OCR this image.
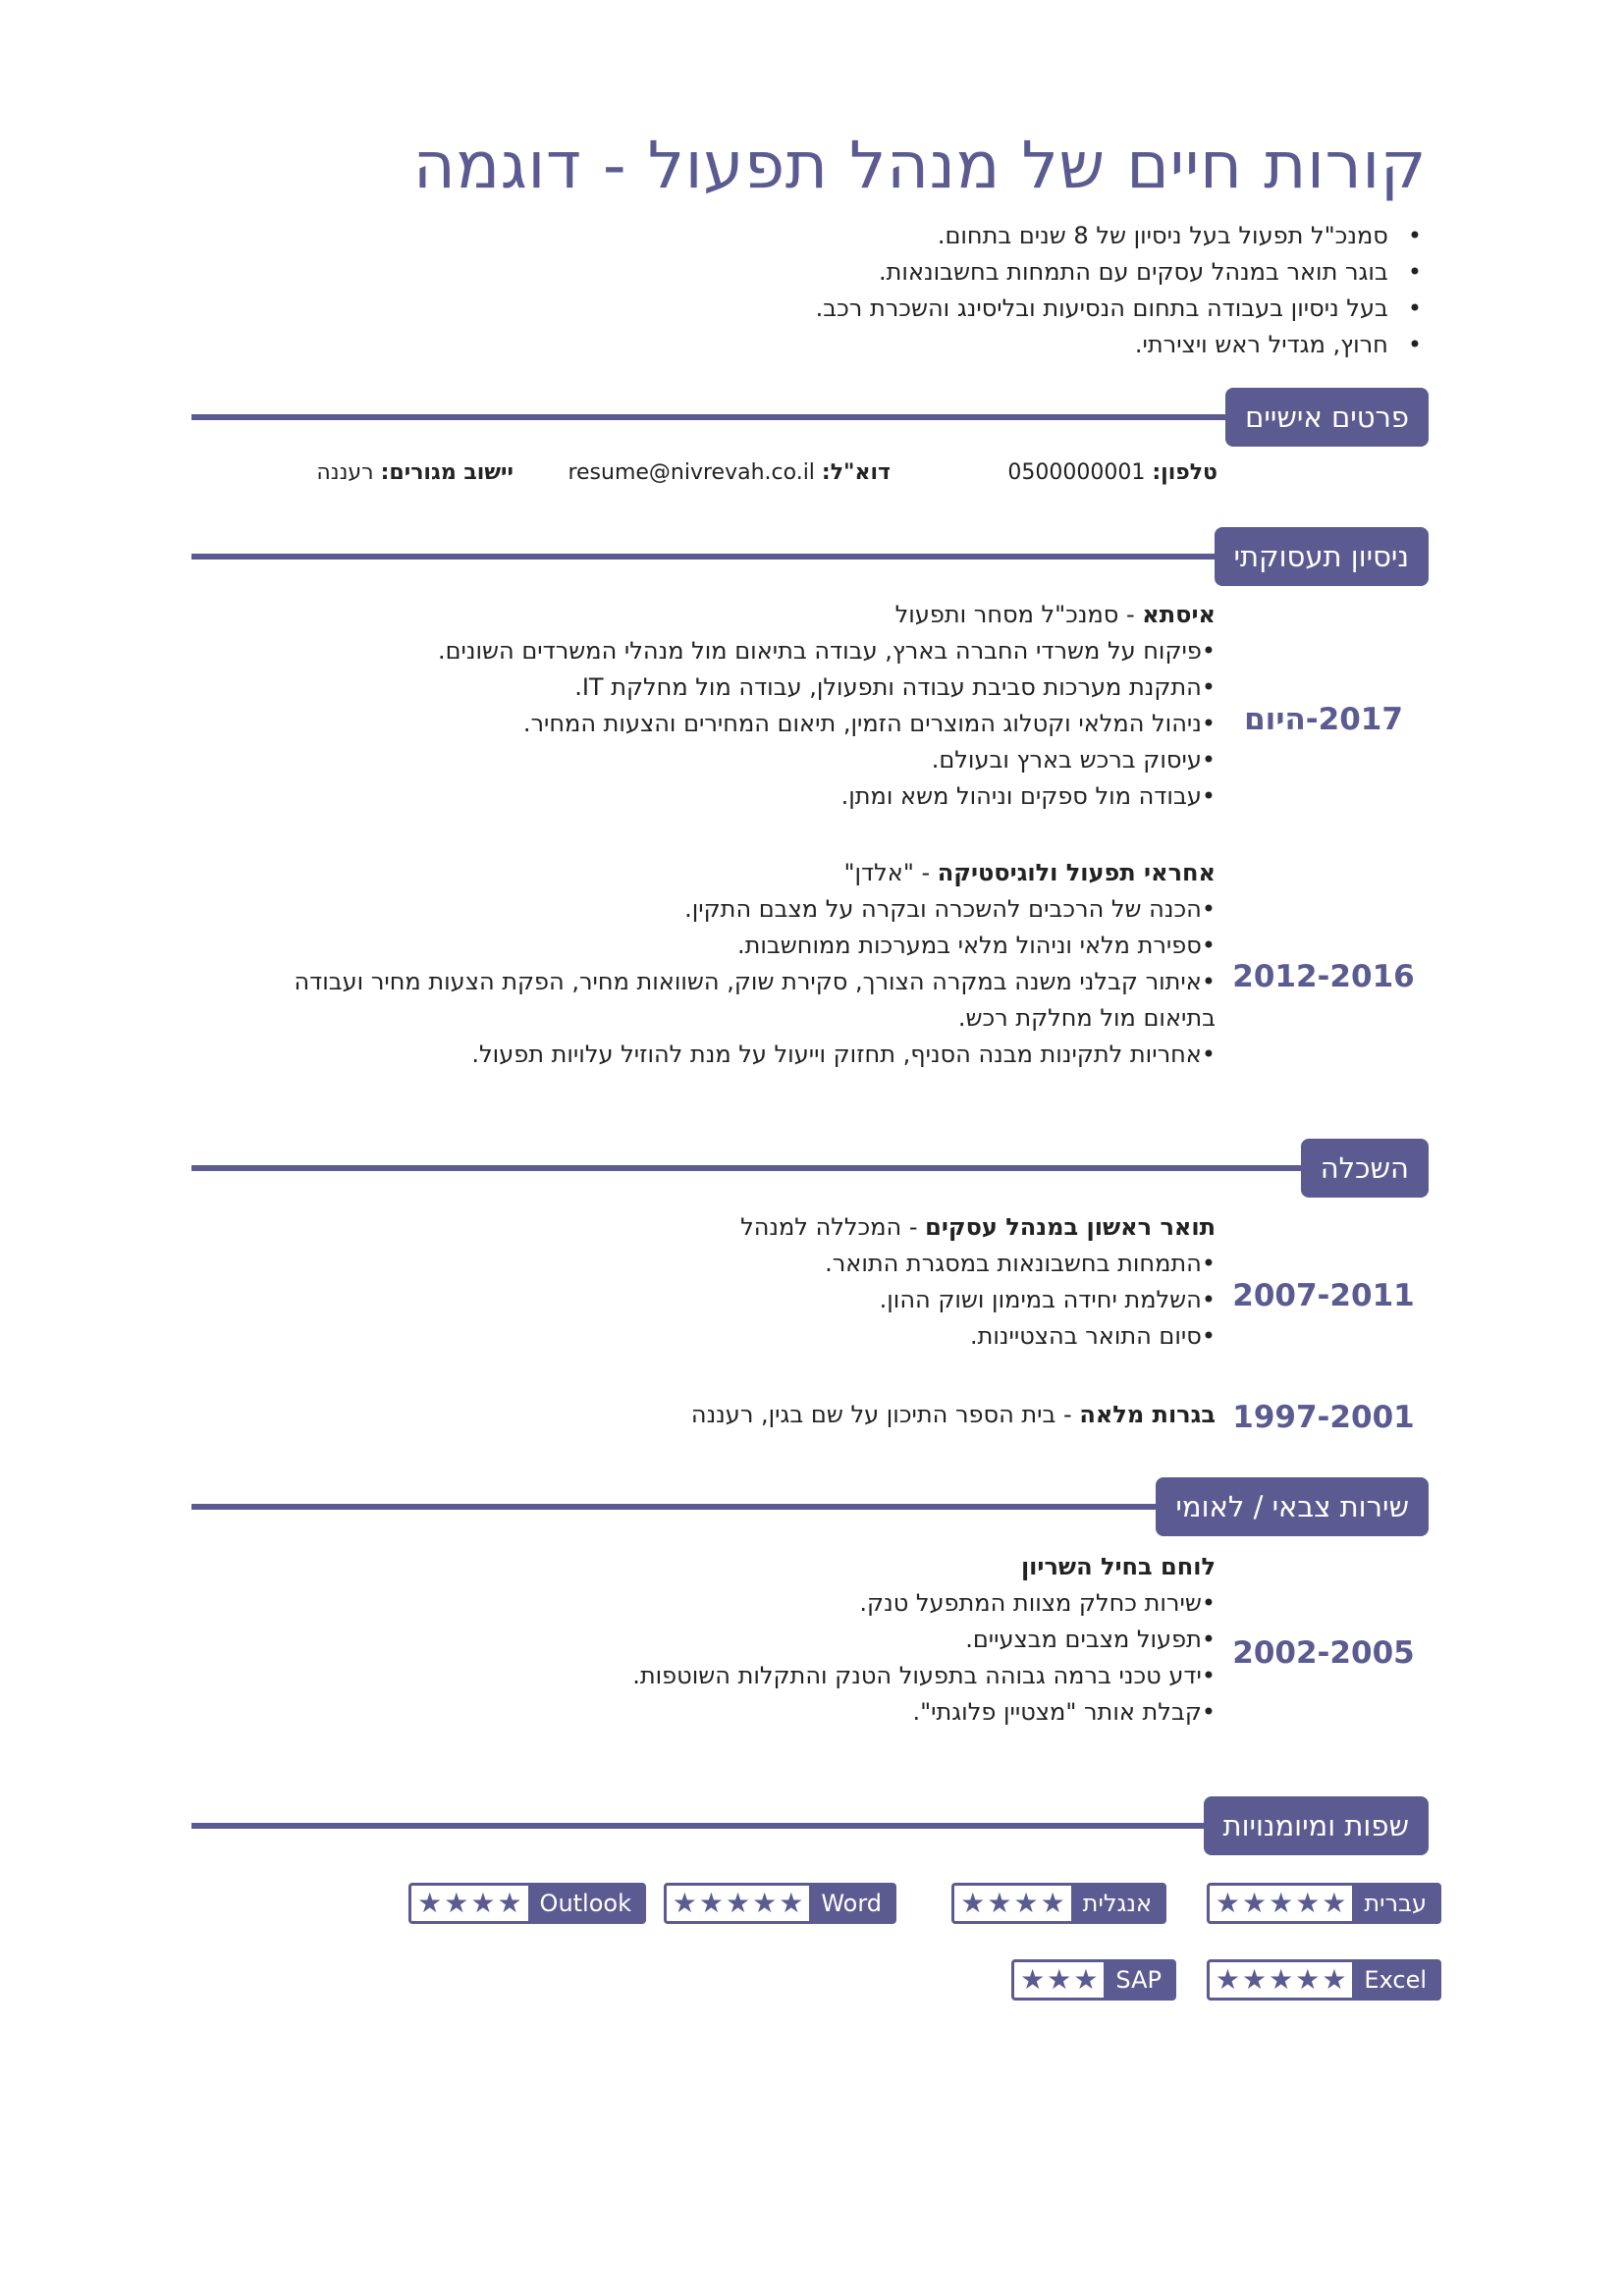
קורות חיים של מנהל תפעול - דוגמה
• סמנכ"ל תפעול בעל ניסיון של 8 שנים בתחום.
• בוגר תואר במנהל עסקים עם התמחות בחשבונאות.
• בעל ניסיון בעבודה בתחום הנסיעות ובליסינג והשכרת רכב.
• חרוץ, מגדיל ראש ויצירתי.
פרטים אישיים
טלפון: 0500000001
דוא"ל: resume@nivrevah.co.il
יישוב מגורים: רעננה
ניסיון תעסוקתי
2017-היום
איסתא - סמנכ"ל מסחר ותפעול
• פיקוח על משרדי החברה בארץ, עבודה בתיאום מול מנהלי המשרדים השונים.
• התקנת מערכות סביבת עבודה ותפעולן, עבודה מול מחלקת IT.
• ניהול המלאי וקטלוג המוצרים הזמין, תיאום המחירים והצעות המחיר.
• עיסוק ברכש בארץ ובעולם.
• עבודה מול ספקים וניהול משא ומתן.
2012-2016
אחראי תפעול ולוגיסטיקה - "אלדן"
• הכנה של הרכבים להשכרה ובקרה על מצבם התקין.
• ספירת מלאי וניהול מלאי במערכות ממוחשבות.
• איתור קבלני משנה במקרה הצורך, סקירת שוק, השוואות מחיר, הפקת הצעות מחיר ועבודה בתיאום מול מחלקת רכש.
• אחריות לתקינות מבנה הסניף, תחזוק וייעול על מנת להוזיל עלויות תפעול.
השכלה
2007-2011
תואר ראשון במנהל עסקים - המכללה למנהל
• התמחות בחשבונאות במסגרת התואר.
• השלמת יחידה במימון ושוק ההון.
• סיום התואר בהצטיינות.
1997-2001
בגרות מלאה - בית הספר התיכון על שם בגין, רעננה
שירות צבאי / לאומי
2002-2005
לוחם בחיל השריון
• שירות כחלק מצוות המתפעל טנק.
• תפעול מצבים מבצעיים.
• ידע טכני ברמה גבוהה בתפעול הטנק והתקלות השוטפות.
• קבלת אותר "מצטיין פלוגתי".
שפות ומיומנויות
עברית
★
★
★
★
★
אנגלית
★
★
★
★
Word
★
★
★
★
★
Outlook
★
★
★
★
Excel
★
★
★
★
★
SAP
★
★
★
